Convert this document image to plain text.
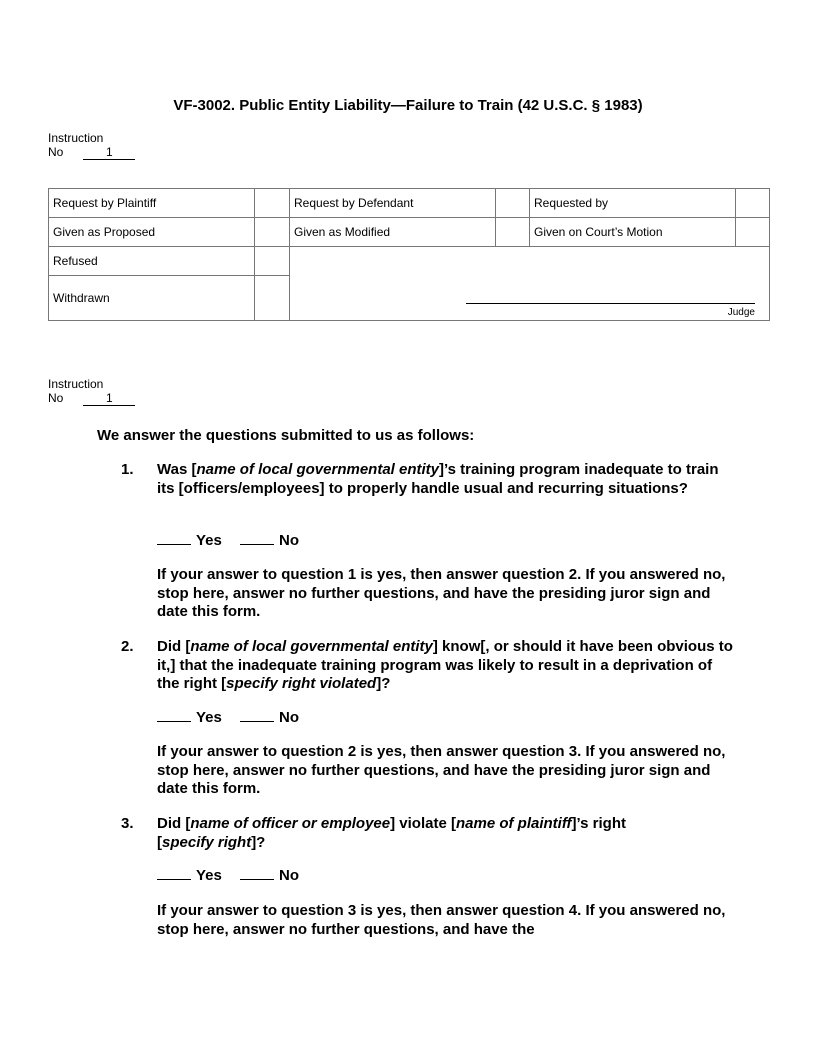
VF-3002. Public Entity Liability—Failure to Train (42 U.S.C. § 1983)
Instruction
No	1
Request by Plaintiff		Request by Defendant		Requested by	
Given as Proposed		Given as Modified		Given on Court’s Motion	
Refused		Judge			

Withdrawn					
Instruction
No	1
We answer the questions submitted to us as follows:
1. Was [name of local governmental entity]’s training program inadequate to train its [officers/employees] to properly handle usual and recurring situations?
Yes	No
If your answer to question 1 is yes, then answer question 2. If you answered no, stop here, answer no further questions, and have the presiding juror sign and date this form.
2. Did [name of local governmental entity] know[, or should it have been obvious to it,] that the inadequate training program was likely to result in a deprivation of the right [specify right violated]?
Yes	No
If your answer to question 2 is yes, then answer question 3. If you answered no, stop here, answer no further questions, and have the presiding juror sign and date this form.
3. Did [name of officer or employee] violate [name of plaintiff]’s right [specify right]?
Yes	No
If your answer to question 3 is yes, then answer question 4. If you answered no, stop here, answer no further questions, and have the
